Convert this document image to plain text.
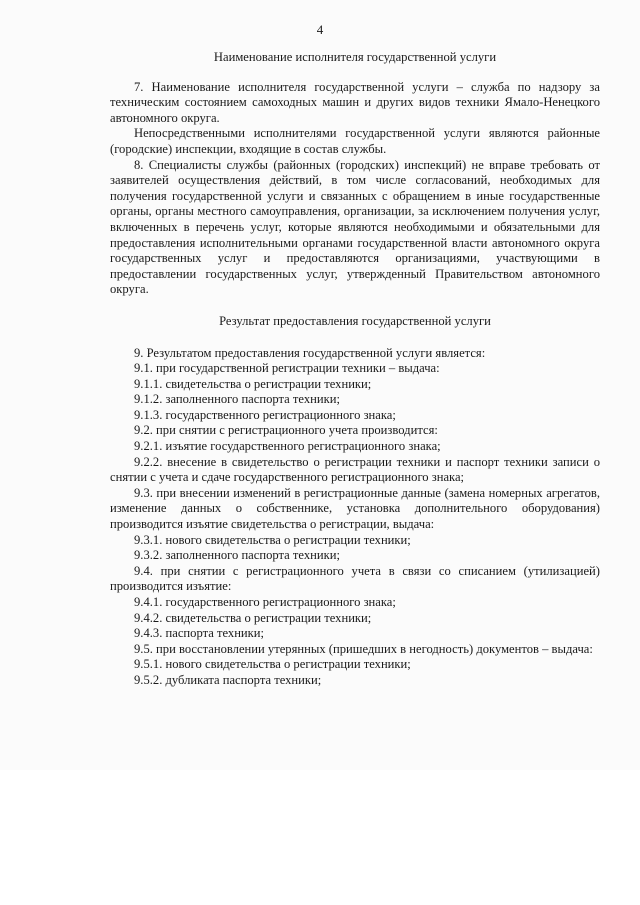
4
Наименование исполнителя государственной услуги

7. Наименование исполнителя государственной услуги – служба по надзору за техническим состоянием самоходных машин и других видов техники Ямало-Ненецкого автономного округа.

Непосредственными исполнителями государственной услуги являются районные (городские) инспекции, входящие в состав службы.

8. Специалисты службы (районных (городских) инспекций) не вправе требовать от заявителей осуществления действий, в том числе согласований, необходимых для получения государственной услуги и связанных с обращением в иные государственные органы, органы местного самоуправления, организации, за исключением получения услуг, включенных в перечень услуг, которые являются необходимыми и обязательными для предоставления исполнительными органами государственной власти автономного округа государственных услуг и предоставляются организациями, участвующими в предоставлении государственных услуг, утвержденный Правительством автономного округа.

Результат предоставления государственной услуги

9. Результатом предоставления государственной услуги является:

9.1. при государственной регистрации техники – выдача:

9.1.1. свидетельства о регистрации техники;

9.1.2. заполненного паспорта техники;

9.1.3. государственного регистрационного знака;

9.2. при снятии с регистрационного учета производится:

9.2.1. изъятие государственного регистрационного знака;

9.2.2. внесение в свидетельство о регистрации техники и паспорт техники записи о снятии с учета и сдаче государственного регистрационного знака;

9.3. при внесении изменений в регистрационные данные (замена номерных агрегатов, изменение данных о собственнике, установка дополнительного оборудования) производится изъятие свидетельства о регистрации, выдача:

9.3.1. нового свидетельства о регистрации техники;

9.3.2. заполненного паспорта техники;

9.4. при снятии с регистрационного учета в связи со списанием (утилизацией) производится изъятие:

9.4.1. государственного регистрационного знака;

9.4.2. свидетельства о регистрации техники;

9.4.3. паспорта техники;

9.5. при восстановлении утерянных (пришедших в негодность) документов – выдача:

9.5.1. нового свидетельства о регистрации техники;

9.5.2. дубликата паспорта техники;
